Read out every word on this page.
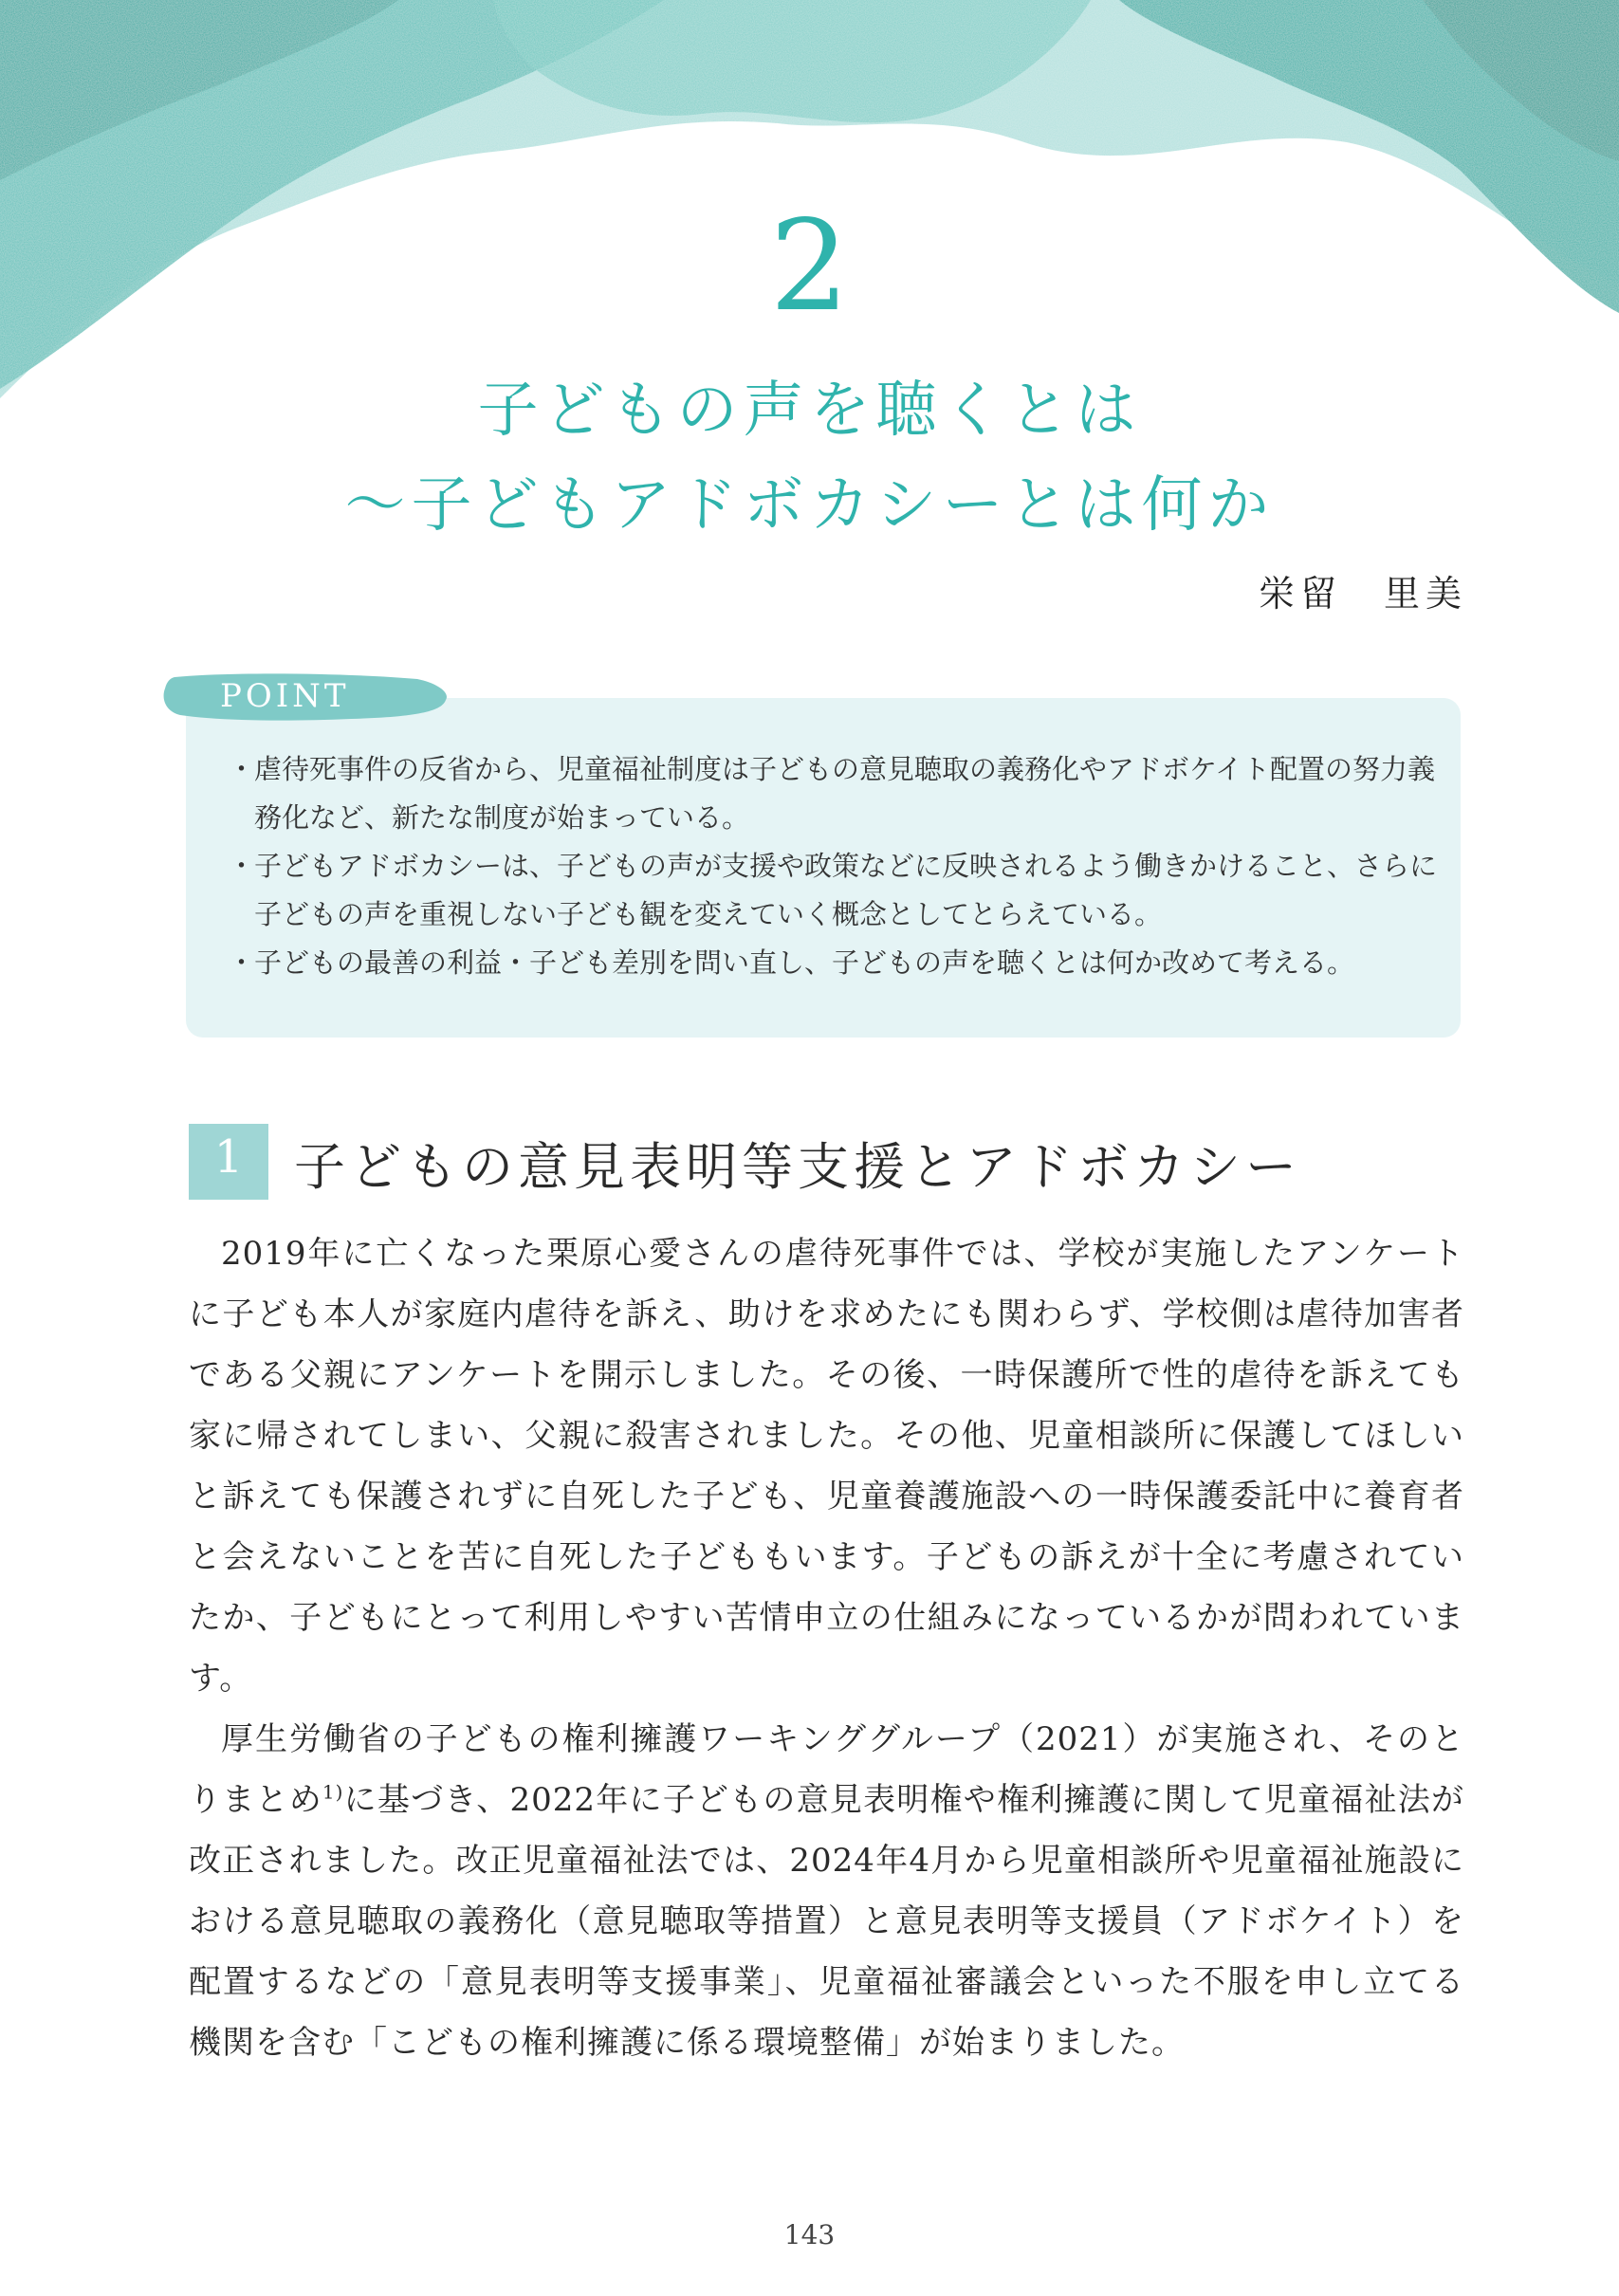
2
子どもの声を聴くとは
～子どもアドボカシーとは何か
栄留　里美
POINT
・
虐待死事件の反省から、児童福祉制度は子どもの意見聴取の義務化やアドボケイト配置の努力義務化など、新たな制度が始まっている。
・
子どもアドボカシーは、子どもの声が支援や政策などに反映されるよう働きかけること、さらに子どもの声を重視しない子ども観を変えていく概念としてとらえている。
・
子どもの最善の利益・子ども差別を問い直し、子どもの声を聴くとは何か改めて考える。
1 子どもの意見表明等支援とアドボカシー

2019年に亡くなった栗原心愛さんの虐待死事件では、学校が実施したアンケートに子ども本人が家庭内虐待を訴え、助けを求めたにも関わらず、学校側は虐待加害者である父親にアンケートを開示しました。その後、一時保護所で性的虐待を訴えても家に帰されてしまい、父親に殺害されました。その他、児童相談所に保護してほしいと訴えても保護されずに自死した子ども、児童養護施設への一時保護委託中に養育者と会えないことを苦に自死した子どももいます。子どもの訴えが十全に考慮されていたか、子どもにとって利用しやすい苦情申立の仕組みになっているかが問われています。

厚生労働省の子どもの権利擁護ワーキンググループ（2021）が実施され、そのとりまとめ$^{1)}$に基づき、2022年に子どもの意見表明権や権利擁護に関して児童福祉法が改正されました。改正児童福祉法では、2024年4月から児童相談所や児童福祉施設における意見聴取の義務化（意見聴取等措置）と意見表明等支援員（アドボケイト）を配置するなどの「意見表明等支援事業」、児童福祉審議会といった不服を申し立てる機関を含む「こどもの権利擁護に係る環境整備」が始まりました。

143
